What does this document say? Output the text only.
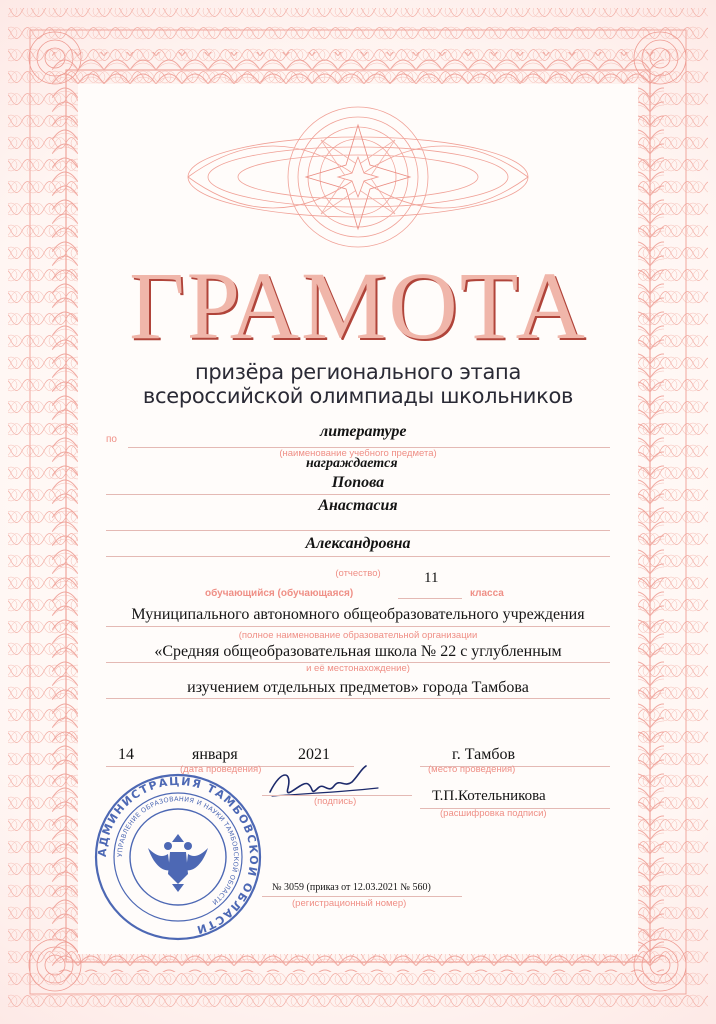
ГРАМОТА
призёра регионального этапа
всероссийской олимпиады школьников
по	литературе
(наименование учебного предмета)
награждается
Попова
Анастасия
Александровна
(отчество)
обучающийся (обучающаяся)
11
класса
Муниципального автономного общеобразовательного учреждения
(полное наименование образовательной организации
«Средняя общеобразовательная школа № 22 с углубленным
и её местонахождение)
изучением отдельных предметов» города Тамбова
14	января	2021
(дата проведения)
г. Тамбов
(место проведения)
(подпись)	Т.П.Котельникова
(расшифровка подписи)
№ 3059 (приказ от 12.03.2021 № 560)
(регистрационный номер)
АДМИНИСТРАЦИЯ ТАМБОВСКОЙ ОБЛАСТИ
УПРАВЛЕНИЕ ОБРАЗОВАНИЯ И НАУКИ ТАМБОВСКОЙ ОБЛАСТИ
